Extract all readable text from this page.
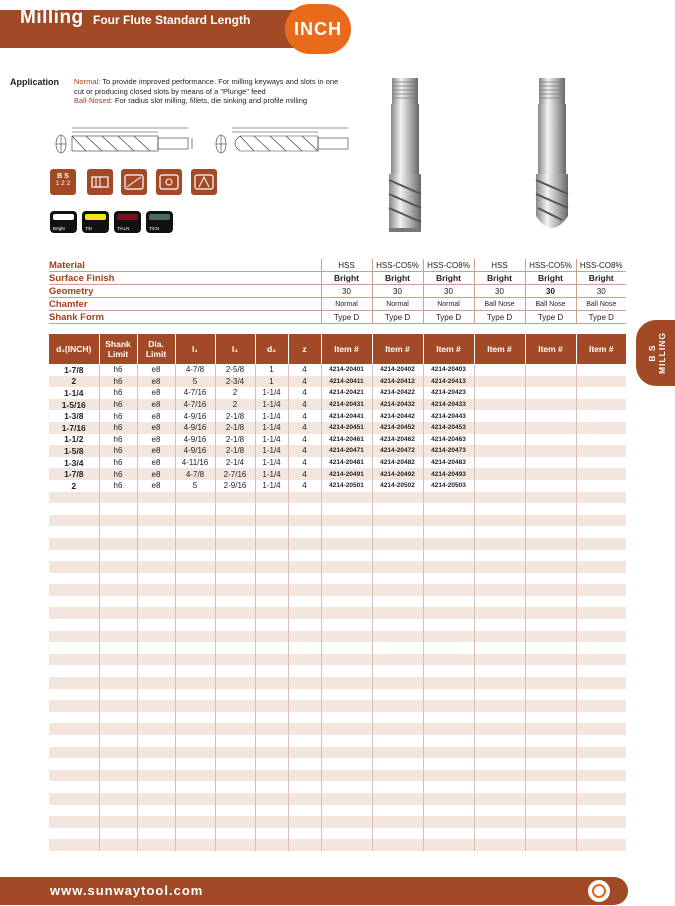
Milling Four Flute Standard Length	INCH
Application Normal: To provide improved performance. For milling keyways and slots in one cut or producing closed slots by means of a "Plunge" feed
Ball-Nosed: For radius slot milling, fillets, die sinking and profile milling
B S
1 2 2
Bright	TiN	TiALN	TiCN
Material	HSS	HSS-CO5%	HSS-CO8%	HSS	HSS-CO5%	HSS-CO8%
Surface Finish	Bright	Bright	Bright	Bright	Bright	Bright
Geometry	30	30	30	30	30	30
Chamfer	Normal	Normal	Normal	Ball Nose	Ball Nose	Ball Nose
Shank Form	Type D	Type D	Type D	Type D	Type D	Type D
d₁(INCH)	Shank Limit	Dia. Limit	l₁	l₂	d₂	z	Item #	Item #	Item #	Item #	Item #	Item #
1-7/8	h6	e8	4-7/8	2-5/8	1	4	4214-20401	4214-20402	4214-20403			
2	h6	e8	5	2-3/4	1	4	4214-20411	4214-20412	4214-20413			
1-1/4	h6	e8	4-7/16	2	1-1/4	4	4214-20421	4214-20422	4214-20423			
1-5/16	h6	e8	4-7/16	2	1-1/4	4	4214-20431	4214-20432	4214-20433			
1-3/8	h6	e8	4-9/16	2-1/8	1-1/4	4	4214-20441	4214-20442	4214-20443			
1-7/16	h6	e8	4-9/16	2-1/8	1-1/4	4	4214-20451	4214-20452	4214-20453			
1-1/2	h6	e8	4-9/16	2-1/8	1-1/4	4	4214-20461	4214-20462	4214-20463			
1-5/8	h6	e8	4-9/16	2-1/8	1-1/4	4	4214-20471	4214-20472	4214-20473			
1-3/4	h6	e8	4-11/16	2-1/4	1-1/4	4	4214-20481	4214-20482	4214-20483			
1-7/8	h6	e8	4-7/8	2-7/16	1-1/4	4	4214-20491	4214-20492	4214-20493			
2	h6	e8	5	2-9/16	1-1/4	4	4214-20501	4214-20502	4214-20503			

B S MILLING
www.sunwaytool.com
